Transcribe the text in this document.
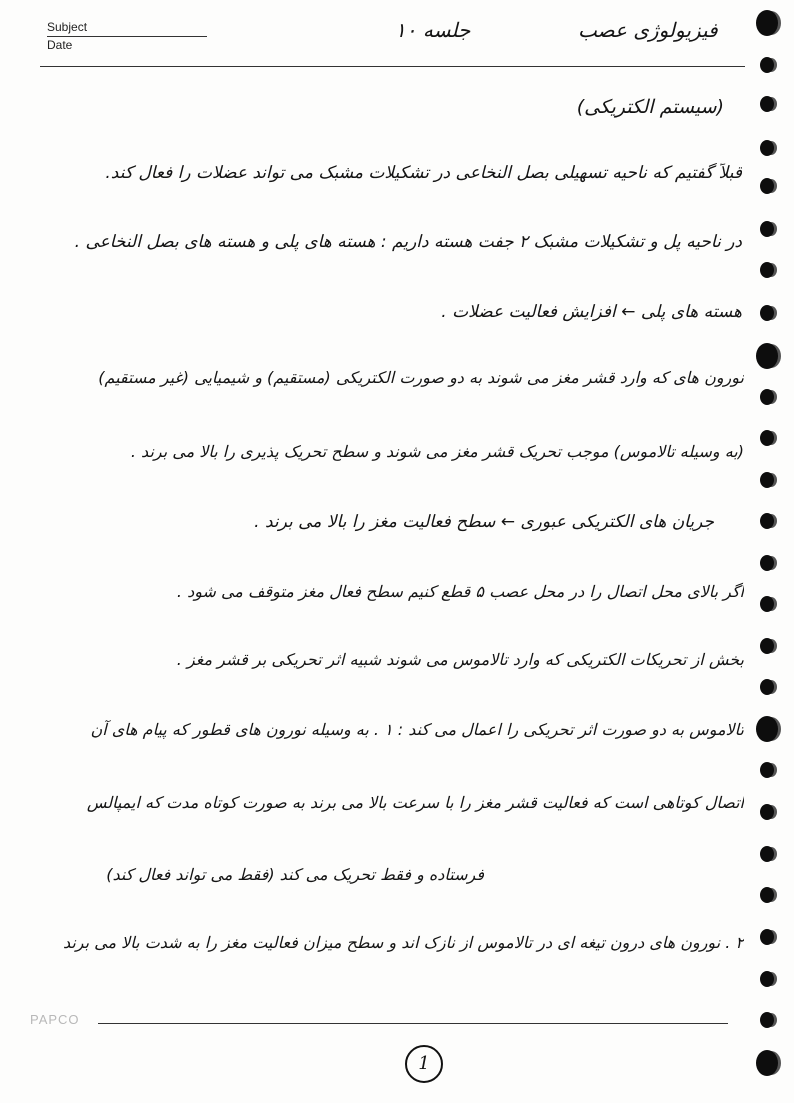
Subject
Date
جلسه ۱۰	فیزیولوژی عصب
(سیستم الکتریکی)
قبلاً گفتیم که ناحیه تسهیلی بصل النخاعی در تشکیلات مشبک می تواند عضلات را فعال کند.
در ناحیه پل و تشکیلات مشبک ۲ جفت هسته داریم : هسته های پلی و هسته های بصل النخاعی .
هسته های پلی ← افزایش فعالیت عضلات .
نورون های که وارد قشر مغز می شوند به دو صورت الکتریکی (مستقیم) و شیمیایی (غیر مستقیم)
(به وسیله تالاموس) موجب تحریک قشر مغز می شوند و سطح تحریک پذیری را بالا می برند .
جریان های الکتریکی عبوری ← سطح فعالیت مغز را بالا می برند .
اگر بالای محل اتصال را در محل عصب ۵ قطع کنیم سطح فعال مغز متوقف می شود .
بخش از تحریکات الکتریکی که وارد تالاموس می شوند شبیه اثر تحریکی بر قشر مغز .
تالاموس به دو صورت اثر تحریکی را اعمال می کند : ۱ . به وسیله نورون های قطور که پیام های آن
اتصال کوتاهی است که فعالیت قشر مغز را با سرعت بالا می برند به صورت کوتاه مدت که ایمپالس
فرستاده و فقط تحریک می کند (فقط می تواند فعال کند)
۲ . نورون های درون تیغه ای در تالاموس از نازک اند و سطح میزان فعالیت مغز را به شدت بالا می برند
PAPCO
1
